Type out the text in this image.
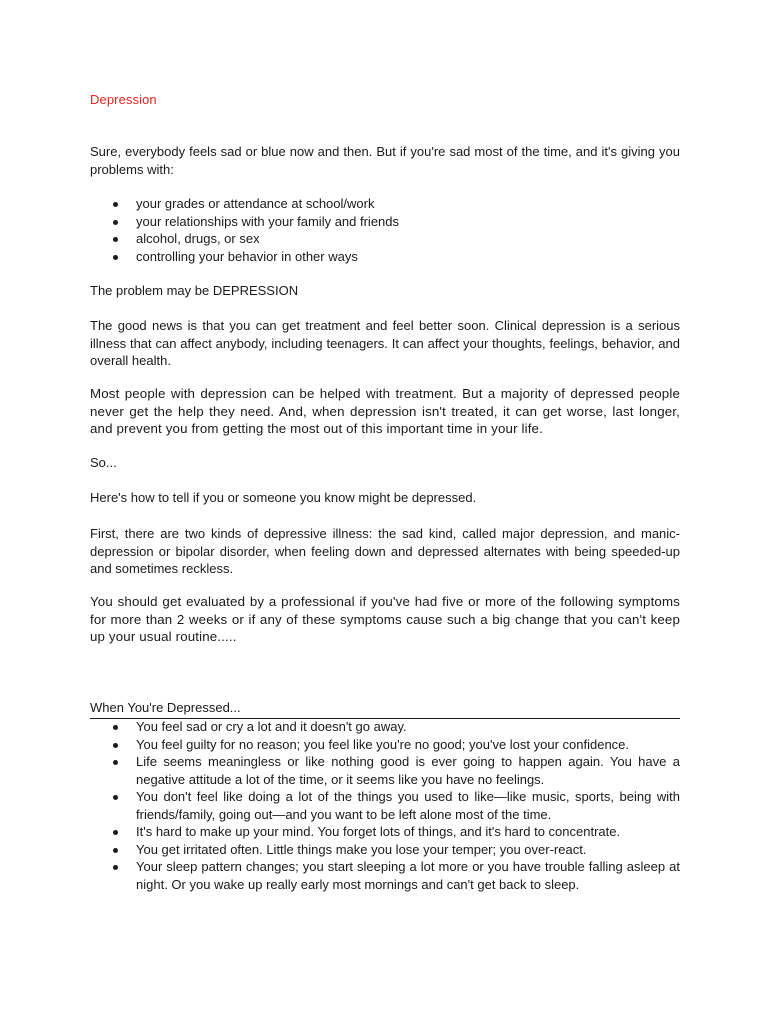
Depression

Sure, everybody feels sad or blue now and then. But if you're sad most of the time, and it's giving you problems with:

your grades or attendance at school/work
your relationships with your family and friends
alcohol, drugs, or sex
controlling your behavior in other ways

The problem may be DEPRESSION

The good news is that you can get treatment and feel better soon. Clinical depression is a serious illness that can affect anybody, including teenagers. It can affect your thoughts, feelings, behavior, and overall health.

Most people with depression can be helped with treatment. But a majority of depressed people never get the help they need. And, when depression isn't treated, it can get worse, last longer, and prevent you from getting the most out of this important time in your life.

So...

Here's how to tell if you or someone you know might be depressed.

First, there are two kinds of depressive illness: the sad kind, called major depression, and manic-depression or bipolar disorder, when feeling down and depressed alternates with being speeded-up and sometimes reckless.

You should get evaluated by a professional if you've had five or more of the following symptoms for more than 2 weeks or if any of these symptoms cause such a big change that you can't keep up your usual routine.....

When You're Depressed...
You feel sad or cry a lot and it doesn't go away.
You feel guilty for no reason; you feel like you're no good; you've lost your confidence.
Life seems meaningless or like nothing good is ever going to happen again. You have a negative attitude a lot of the time, or it seems like you have no feelings.
You don't feel like doing a lot of the things you used to like—like music, sports, being with friends/family, going out—and you want to be left alone most of the time.
It's hard to make up your mind. You forget lots of things, and it's hard to concentrate.
You get irritated often. Little things make you lose your temper; you over-react.
Your sleep pattern changes; you start sleeping a lot more or you have trouble falling asleep at night. Or you wake up really early most mornings and can't get back to sleep.
